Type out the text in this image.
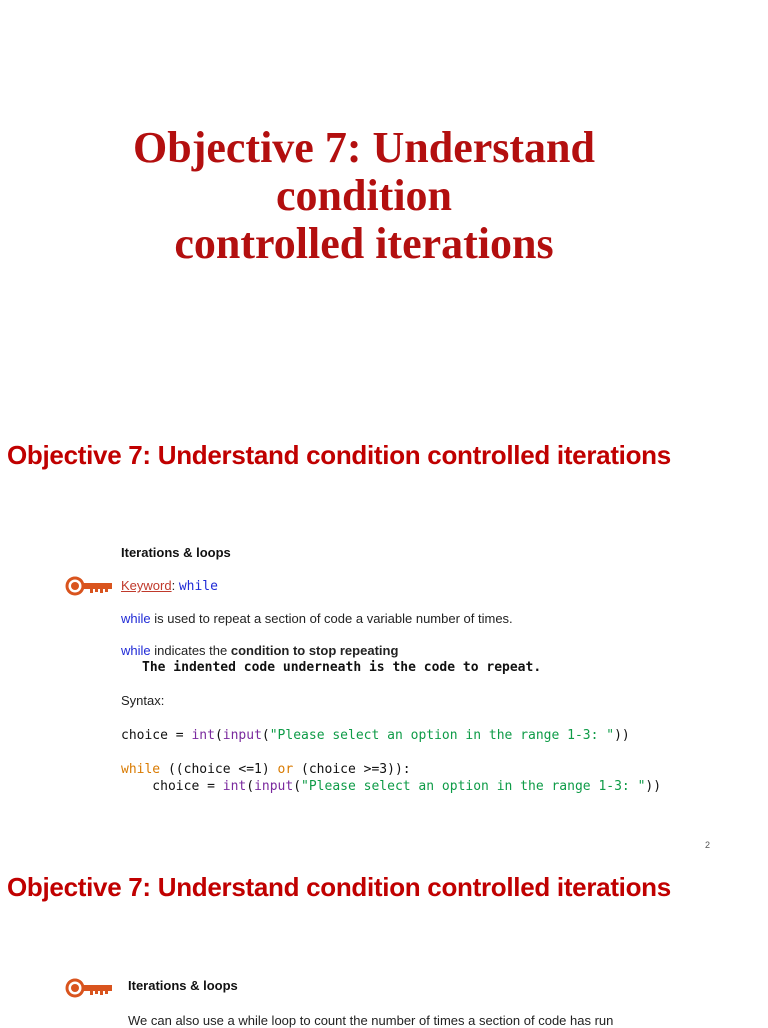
Objective 7: Understand
condition
controlled iterations
Objective 7: Understand condition controlled iterations

Iterations & loops

Keyword: while

while is used to repeat a section of code a variable number of times.

while indicates the condition to stop repeating

The indented code underneath is the code to repeat.

Syntax:

choice = int(input("Please select an option in the range 1-3: "))

while ((choice <=1) or (choice >=3)):

choice = int(input("Please select an option in the range 1-3: "))

2
Objective 7: Understand condition controlled iterations

Iterations & loops

We can also use a while loop to count the number of times a section of code has run
